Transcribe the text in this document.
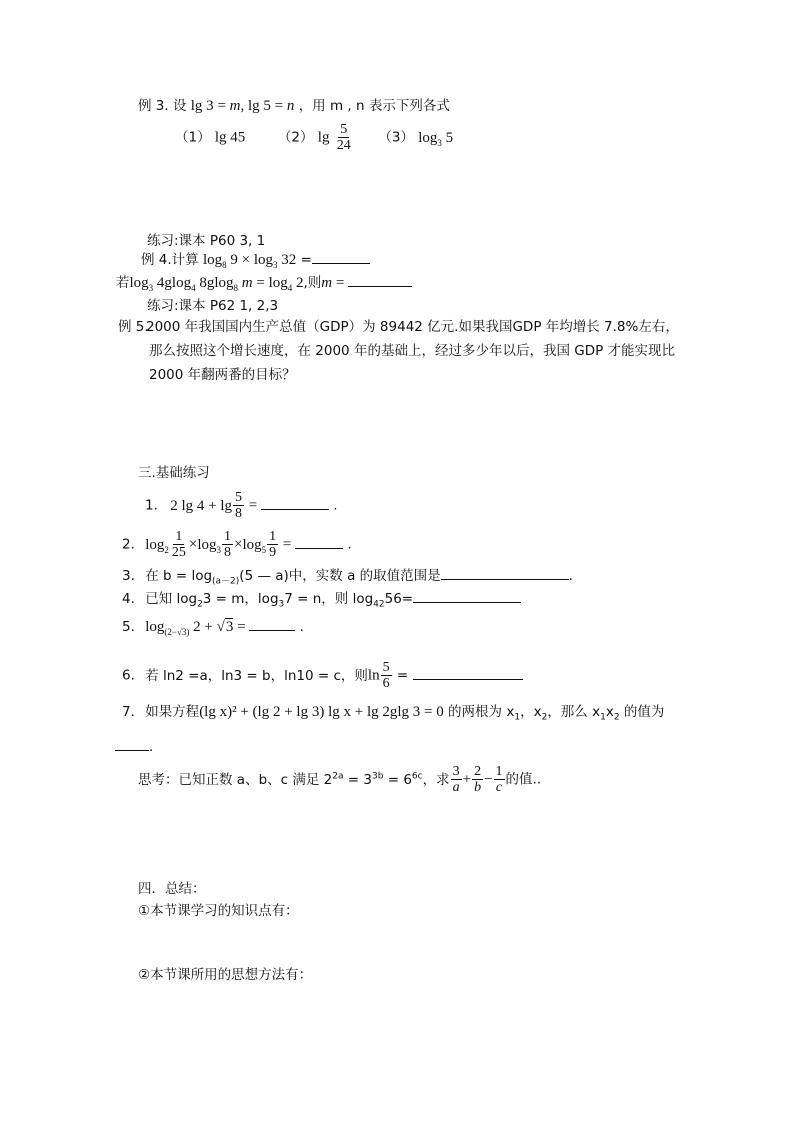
例 3. 设 lg 3 = m, lg 5 = n ，用 m , n 表示下列各式
（1） lg 45 （2） $\lg \frac{5}{24} (3)$ $\log_3 5$
练习:课本 P60 3, 1
例 4.计算 $\log_8 9 \times \log_3 32$ =
若$\log_3 4glog_4$ 8glog$_8$ $m = \log_4 2$,则m =
练习:课本 P62 1, 2,3
例 5.
2000 年我国国内生产总值（GDP）为 89442 亿元.如果我国GDP 年均增长 7.8%左右，那么按照这个增长速度，在 2000 年的基础上，经过多少年以后，我国 GDP 才能实现比 2000 年翻两番的目标？
三.基础练习
1. 2 $\lg 4 + \lg \frac{5}{8}$ =	.
2. $\log_2 \frac{1}{25} \times\log_3 \frac{1}{8} \times\log_5 \frac{1}{9}$ =	.
3. 在 $b = \log_{(a-2)}(5$ — a)中，实数 a 的取值范围是	.
4. 已知 $\log_23 = m$，$\log_37 = n$，则 $\log_{42}56=$
5. $\log_{(2-√3)} 2 + √3$ =	.
6. 若 ln2 =a，ln3 = b，ln10 = c，则$\ln \frac{5}{6}$ =
7. 如果方程(lg x)² + (lg 2 + lg 3) lg x + lg 2glg 3 = 0 的两根为 $x_1$，$x_2$，那么 $x_1x_2$ 的值为
.
思考：已知正数 a、b、c 满足 $2^{2a} = 3^{3b} = 6^{6c}$，求 $\frac{3}{a} + \frac{2}{b} - \frac{1}{c}$ 的值..
四．总结：
①本节课学习的知识点有：
②本节课所用的思想方法有：
